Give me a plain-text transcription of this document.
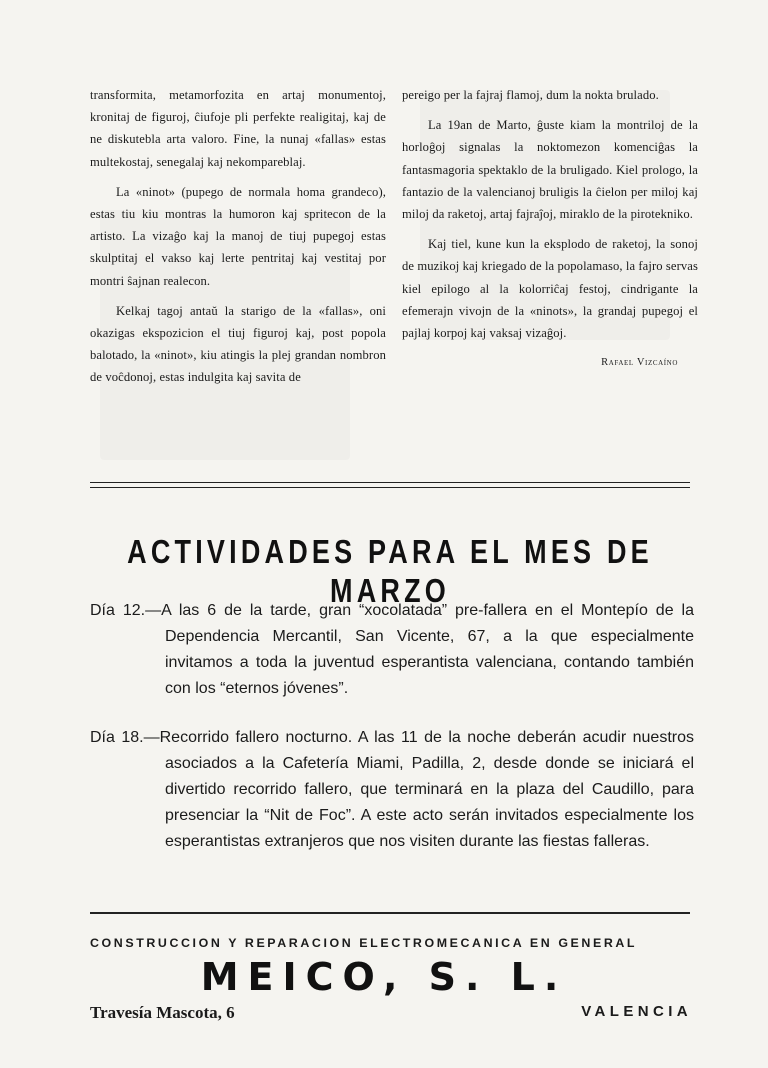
transformita, metamorfozita en artaj monumentoj, kronitaj de figuroj, ĉiufoje pli perfekte realigitaj, kaj de ne diskutebla arta valoro. Fine, la nunaj «fallas» estas multekostaj, senegalaj kaj nekompareblaj.

La «ninot» (pupego de normala homa grandeco), estas tiu kiu montras la humoron kaj spritecon de la artisto. La vizaĝo kaj la manoj de tiuj pupegoj estas skulptitaj el vakso kaj lerte pentritaj kaj vestitaj por montri ŝajnan realecon.

Kelkaj tagoj antaŭ la starigo de la «fallas», oni okazigas ekspozicion el tiuj figuroj kaj, post popola balotado, la «ninot», kiu atingis la plej grandan nombron de voĉdonoj, estas indulgita kaj savita de

pereigo per la fajraj flamoj, dum la nokta brulado.

La 19an de Marto, ĝuste kiam la montriloj de la horloĝoj signalas la noktomezon komenciĝas la fantasmagoria spektaklo de la bruligado. Kiel prologo, la fantazio de la valencianoj bruligis la ĉielon per miloj kaj miloj da raketoj, artaj fajraĵoj, miraklo de la piroteknikо.

Kaj tiel, kune kun la eksplodo de raketoj, la sonoj de muzikoj kaj kriegado de la popolamaso, la fajro servas kiel epilogo al la kolorriĉaj festoj, cindrigante la efemerajn vivojn de la «ninots», la grandaj pupegoj el pajlaj korpoj kaj vaksaj vizaĝoj.

Rafael Vizcaíno
ACTIVIDADES PARA EL MES DE MARZO
Día 12.—A las 6 de la tarde, gran “xocolatada” pre-fallera en el Montepío de la Dependencia Mercantil, San Vicente, 67, a la que especialmente invitamos a toda la juventud esperantista valenciana, contando también con los “eternos jóvenes”.
Día 18.—Recorrido fallero nocturno. A las 11 de la noche deberán acudir nuestros asociados a la Cafetería Miami, Padilla, 2, desde donde se iniciará el divertido recorrido fallero, que terminará en la plaza del Caudillo, para presenciar la “Nit de Foc”. A este acto serán invitados especialmente los esperantistas extranjeros que nos visiten durante las fiestas falleras.
CONSTRUCCION Y REPARACION ELECTROMECANICA EN GENERAL
MEICO, S. L.
Travesía Mascota, 6	VALENCIA
